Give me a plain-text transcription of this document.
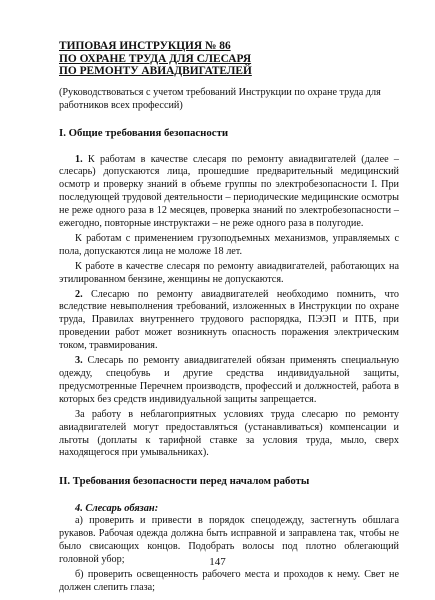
ТИПОВАЯ ИНСТРУКЦИЯ № 86
ПО ОХРАНЕ ТРУДА ДЛЯ СЛЕСАРЯ
ПО РЕМОНТУ АВИАДВИГАТЕЛЕЙ

(Руководствоваться с учетом требований Инструкции по охране труда для работников всех профессий)

I. Общие требования безопасности

1. К работам в качестве слесаря по ремонту авиадвигателей (далее – слесарь) допускаются лица, прошедшие предварительный медицинский осмотр и проверку знаний в объеме группы по электробезопасности I. При последующей трудовой деятельности – периодические медицинские осмотры не реже одного раза в 12 месяцев, проверка знаний по электробезопасности – ежегодно, повторные инструктажи – не реже одного раза в полугодие.

К работам с применением грузоподъемных механизмов, управляемых с пола, допускаются лица не моложе 18 лет.

К работе в качестве слесаря по ремонту авиадвигателей, работающих на этилированном бензине, женщины не допускаются.

2. Слесарю по ремонту авиадвигателей необходимо помнить, что вследствие невыполнения требований, изложенных в Инструкции по охране труда, Правилах внутреннего трудового распорядка, ПЭЭП и ПТБ, при проведении работ может возникнуть опасность поражения электрическим током, травмирования.

3. Слесарь по ремонту авиадвигателей обязан применять специальную одежду, спецобувь и другие средства индивидуальной защиты, предусмотренные Перечнем производств, профессий и должностей, работа в которых без средств индивидуальной защиты запрещается.

За работу в неблагоприятных условиях труда слесарю по ремонту авиадвигателей могут предоставляться (устанавливаться) компенсации и льготы (доплаты к тарифной ставке за условия труда, мыло, сверх находящегося при умывальниках).

II. Требования безопасности перед началом работы
4. Слесарь обязан:

а) проверить и привести в порядок спецодежду, застегнуть обшлага рукавов. Рабочая одежда должна быть исправной и заправлена так, чтобы не было свисающих концов. Подобрать волосы под плотно облегающий головной убор;

б) проверить освещенность рабочего места и проходов к нему. Свет не должен слепить глаза;

147
